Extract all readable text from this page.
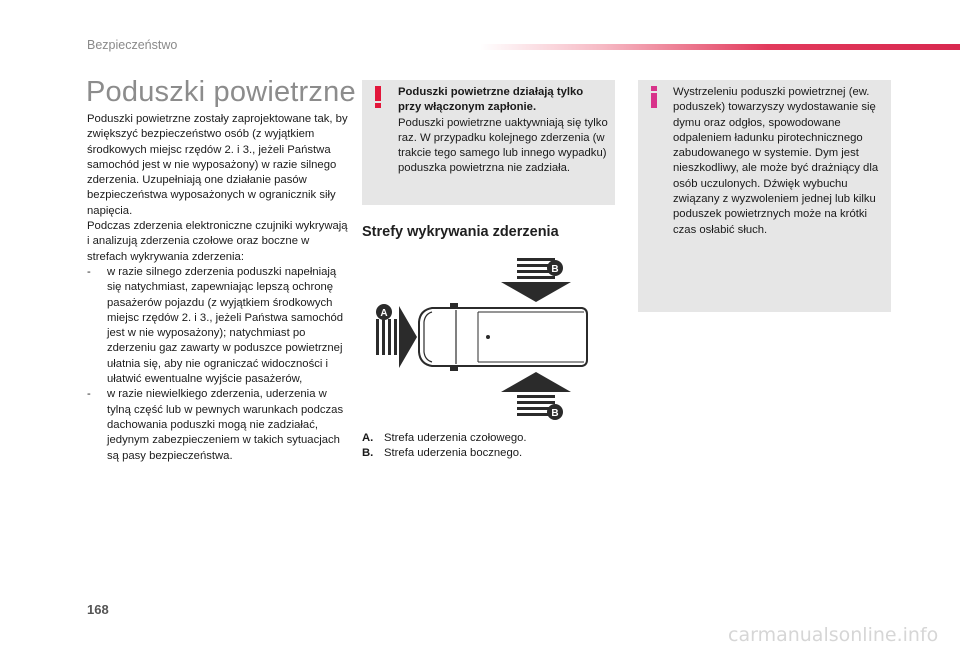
Bezpieczeństwo
Poduszki powietrzne

Poduszki powietrzne zostały zaprojektowane tak, by zwiększyć bezpieczeństwo osób (z wyjątkiem środkowych miejsc rzędów 2. i 3., jeżeli Państwa samochód jest w nie wyposażony) w razie silnego zderzenia. Uzupełniają one działanie pasów bezpieczeństwa wyposażonych w ogranicznik siły napięcia.

Podczas zderzenia elektroniczne czujniki wykrywają i analizują zderzenia czołowe oraz boczne w strefach wykrywania zderzenia:

-	w razie silnego zderzenia poduszki napełniają się natychmiast, zapewniając lepszą ochronę pasażerów pojazdu (z wyjątkiem środkowych miejsc rzędów 2. i 3., jeżeli Państwa samochód jest w nie wyposażony); natychmiast po zderzeniu gaz zawarty w poduszce powietrznej ułatnia się, aby nie ograniczać widoczności i ułatwić ewentualne wyjście pasażerów,
-	w razie niewielkiego zderzenia, uderzenia w tylną część lub w pewnych warunkach podczas dachowania poduszki mogą nie zadziałać, jedynym zabezpieczeniem w takich sytuacjach są pasy bezpieczeństwa.
Poduszki powietrzne działają tylko przy włączonym zapłonie.
Poduszki powietrzne uaktywniają się tylko raz. W przypadku kolejnego zderzenia (w trakcie tego samego lub innego wypadku) poduszka powietrzna nie zadziała.
Wystrzeleniu poduszki powietrznej (ew. poduszek) towarzyszy wydostawanie się dymu oraz odgłos, spowodowane odpaleniem ładunku pirotechnicznego zabudowanego w systemie. Dym jest nieszkodliwy, ale może być drażniący dla osób uczulonych. Dźwięk wybuchu związany z wyzwoleniem jednej lub kilku poduszek powietrznych może na krótki czas osłabić słuch.
Strefy wykrywania zderzenia
B
A
B
A. Strefa uderzenia czołowego.
B. Strefa uderzenia bocznego.
168
carmanualsonline.info
